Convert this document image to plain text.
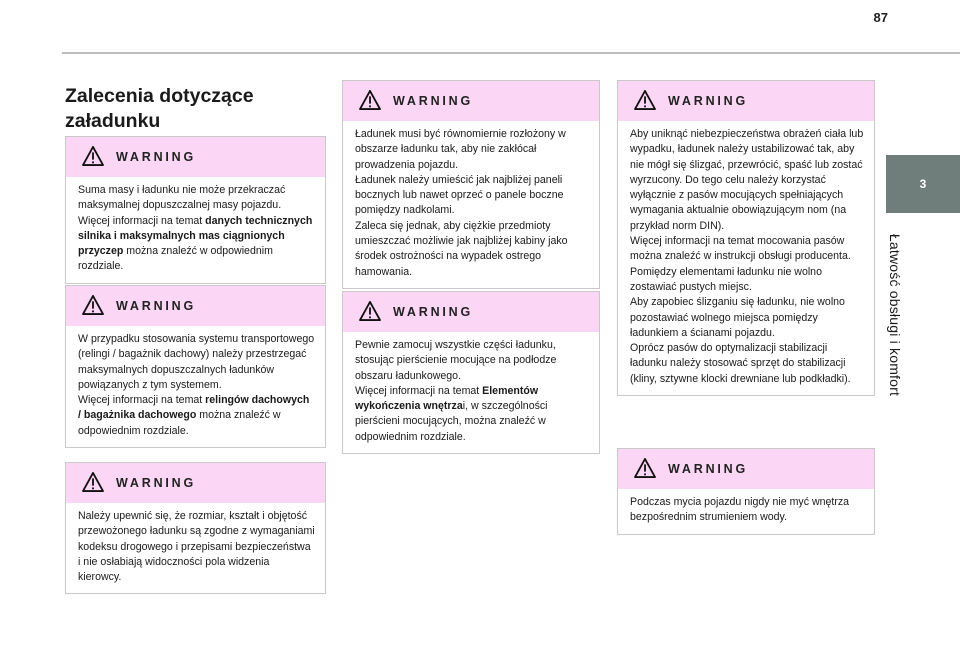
87
3
Łatwość obsługi i komfort
Zalecenia dotyczące
załadunku
WARNING

Suma masy i ładunku nie może przekraczać maksymalnej dopuszczalnej masy pojazdu.

Więcej informacji na temat danych technicznych silnika i maksymalnych mas ciągnionych przyczep można znaleźć w odpowiednim rozdziale.

WARNING

W przypadku stosowania systemu transportowego (relingi / bagażnik dachowy) należy przestrzegać maksymalnych dopuszczalnych ładunków powiązanych z tym systemem.

Więcej informacji na temat relingów dachowych / bagażnika dachowego można znaleźć w odpowiednim rozdziale.

WARNING

Należy upewnić się, że rozmiar, kształt i objętość przewożonego ładunku są zgodne z wymaganiami kodeksu drogowego i przepisami bezpieczeństwa i nie osłabiają widoczności pola widzenia kierowcy.

WARNING

Ładunek musi być równomiernie rozłożony w obszarze ładunku tak, aby nie zakłócał prowadzenia pojazdu.

Ładunek należy umieścić jak najbliżej paneli bocznych lub nawet oprzeć o panele boczne pomiędzy nadkolami.

Zaleca się jednak, aby ciężkie przedmioty umieszczać możliwie jak najbliżej kabiny jako środek ostrożności na wypadek ostrego hamowania.

WARNING

Pewnie zamocuj wszystkie części ładunku, stosując pierścienie mocujące na podłodze obszaru ładunkowego.

Więcej informacji na temat Elementów wykończenia wnętrzai, w szczególności pierścieni mocujących, można znaleźć w odpowiednim rozdziale.

WARNING

Aby uniknąć niebezpieczeństwa obrażeń ciała lub wypadku, ładunek należy ustabilizować tak, aby nie mógł się ślizgać, przewrócić, spaść lub zostać wyrzucony. Do tego celu należy korzystać wyłącznie z pasów mocujących spełniających wymagania aktualnie obowiązującym nom (na przykład norm DIN).

Więcej informacji na temat mocowania pasów można znaleźć w instrukcji obsługi producenta.

Pomiędzy elementami ładunku nie wolno zostawiać pustych miejsc.

Aby zapobiec ślizganiu się ładunku, nie wolno pozostawiać wolnego miejsca pomiędzy ładunkiem a ścianami pojazdu.

Oprócz pasów do optymalizacji stabilizacji ładunku należy stosować sprzęt do stabilizacji (kliny, sztywne klocki drewniane lub podkładki).

WARNING

Podczas mycia pojazdu nigdy nie myć wnętrza bezpośrednim strumieniem wody.
